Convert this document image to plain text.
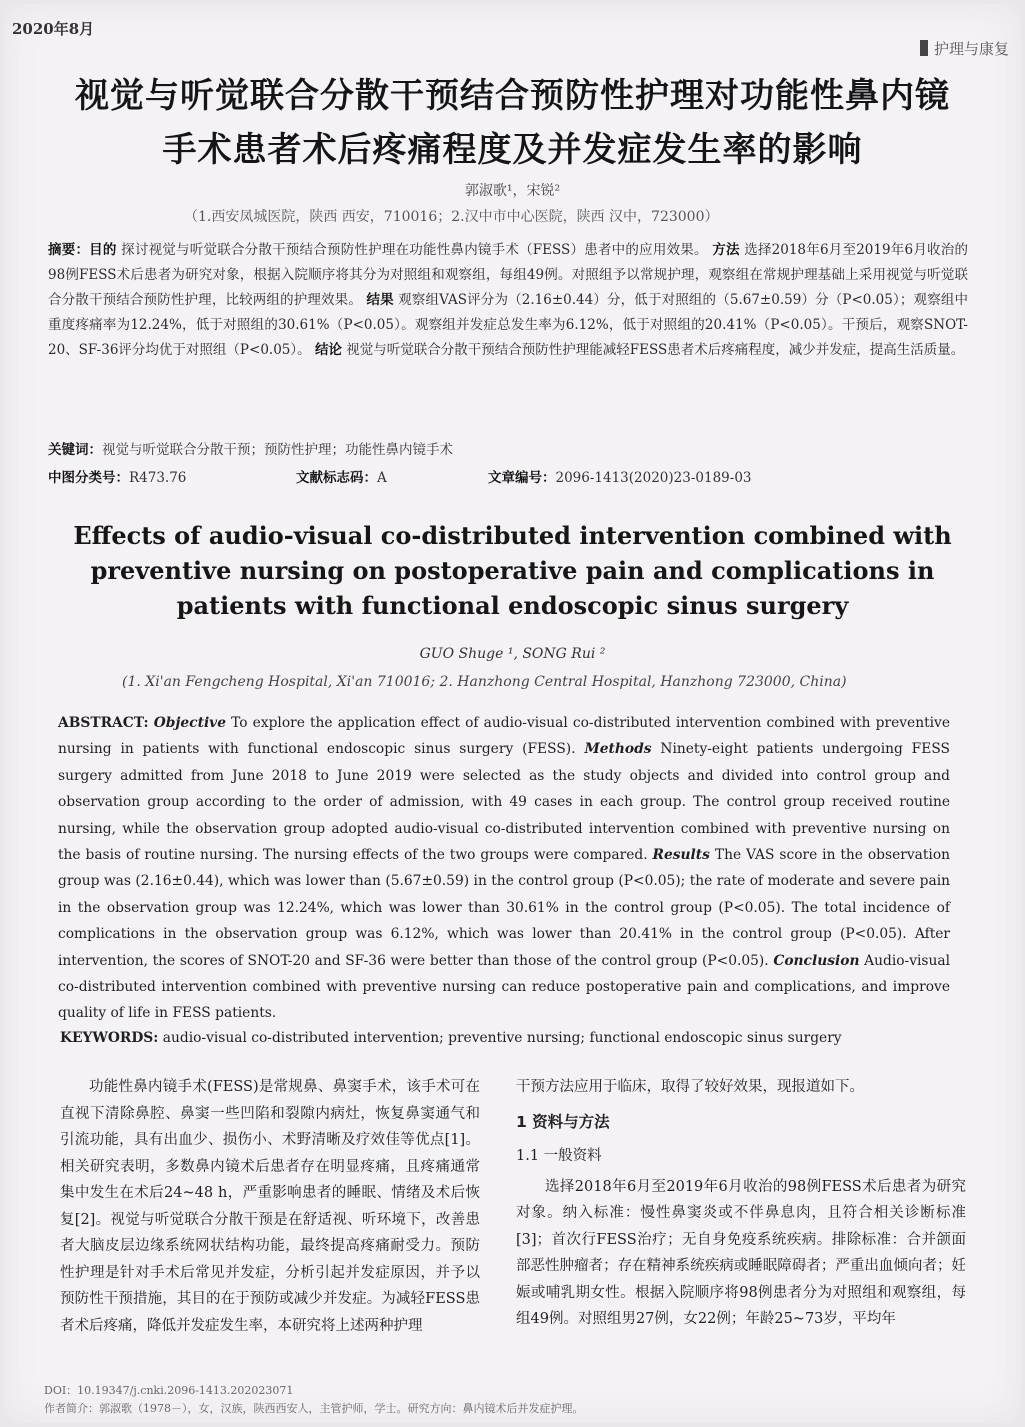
2020年8月
护理与康复
视觉与听觉联合分散干预结合预防性护理对功能性鼻内镜
手术患者术后疼痛程度及并发症发生率的影响
郭淑歌¹，宋锐²
（1.西安凤城医院，陕西 西安，710016；2.汉中市中心医院，陕西 汉中，723000）
摘要：目的 探讨视觉与听觉联合分散干预结合预防性护理在功能性鼻内镜手术（FESS）患者中的应用效果。 方法 选择2018年6月至2019年6月收治的98例FESS术后患者为研究对象，根据入院顺序将其分为对照组和观察组，每组49例。对照组予以常规护理，观察组在常规护理基础上采用视觉与听觉联合分散干预结合预防性护理，比较两组的护理效果。 结果 观察组VAS评分为（2.16±0.44）分，低于对照组的（5.67±0.59）分（P<0.05）；观察组中重度疼痛率为12.24%，低于对照组的30.61%（P<0.05）。观察组并发症总发生率为6.12%，低于对照组的20.41%（P<0.05）。干预后，观察SNOT-20、SF-36评分均优于对照组（P<0.05）。 结论 视觉与听觉联合分散干预结合预防性护理能减轻FESS患者术后疼痛程度，减少并发症，提高生活质量。
关键词：视觉与听觉联合分散干预；预防性护理；功能性鼻内镜手术
中图分类号：R473.76	文献标志码：A	文章编号：2096-1413(2020)23-0189-03
Effects of audio-visual co-distributed intervention combined with preventive nursing on postoperative pain and complications in patients with functional endoscopic sinus surgery
GUO Shuge ¹, SONG Rui ²
(1. Xi'an Fengcheng Hospital, Xi'an 710016; 2. Hanzhong Central Hospital, Hanzhong 723000, China)
ABSTRACT: Objective To explore the application effect of audio-visual co-distributed intervention combined with preventive nursing in patients with functional endoscopic sinus surgery (FESS). Methods Ninety-eight patients undergoing FESS surgery admitted from June 2018 to June 2019 were selected as the study objects and divided into control group and observation group according to the order of admission, with 49 cases in each group. The control group received routine nursing, while the observation group adopted audio-visual co-distributed intervention combined with preventive nursing on the basis of routine nursing. The nursing effects of the two groups were compared. Results The VAS score in the observation group was (2.16±0.44), which was lower than (5.67±0.59) in the control group (P<0.05); the rate of moderate and severe pain in the observation group was 12.24%, which was lower than 30.61% in the control group (P<0.05). The total incidence of complications in the observation group was 6.12%, which was lower than 20.41% in the control group (P<0.05). After intervention, the scores of SNOT-20 and SF-36 were better than those of the control group (P<0.05). Conclusion Audio-visual co-distributed intervention combined with preventive nursing can reduce postoperative pain and complications, and improve quality of life in FESS patients.
KEYWORDS: audio-visual co-distributed intervention; preventive nursing; functional endoscopic sinus surgery

功能性鼻内镜手术(FESS)是常规鼻、鼻窦手术，该手术可在直视下清除鼻腔、鼻窦一些凹陷和裂隙内病灶，恢复鼻窦通气和引流功能，具有出血少、损伤小、术野清晰及疗效佳等优点[1]。相关研究表明，多数鼻内镜术后患者存在明显疼痛，且疼痛通常集中发生在术后24~48 h，严重影响患者的睡眠、情绪及术后恢复[2]。视觉与听觉联合分散干预是在舒适视、听环境下，改善患者大脑皮层边缘系统网状结构功能，最终提高疼痛耐受力。预防性护理是针对手术后常见并发症，分析引起并发症原因，并予以预防性干预措施，其目的在于预防或减少并发症。为减轻FESS患者术后疼痛，降低并发症发生率，本研究将上述两种护理

干预方法应用于临床，取得了较好效果，现报道如下。

1 资料与方法
1.1 一般资料

选择2018年6月至2019年6月收治的98例FESS术后患者为研究对象。纳入标准：慢性鼻窦炎或不伴鼻息肉，且符合相关诊断标准[3]；首次行FESS治疗；无自身免疫系统疾病。排除标准：合并颌面部恶性肿瘤者；存在精神系统疾病或睡眠障碍者；严重出血倾向者；妊娠或哺乳期女性。根据入院顺序将98例患者分为对照组和观察组，每组49例。对照组男27例，女22例；年龄25~73岁，平均年

DOI：10.19347/j.cnki.2096-1413.202023071
作者简介：郭淑歌（1978－），女，汉族，陕西西安人，主管护师，学士。研究方向：鼻内镜术后并发症护理。
